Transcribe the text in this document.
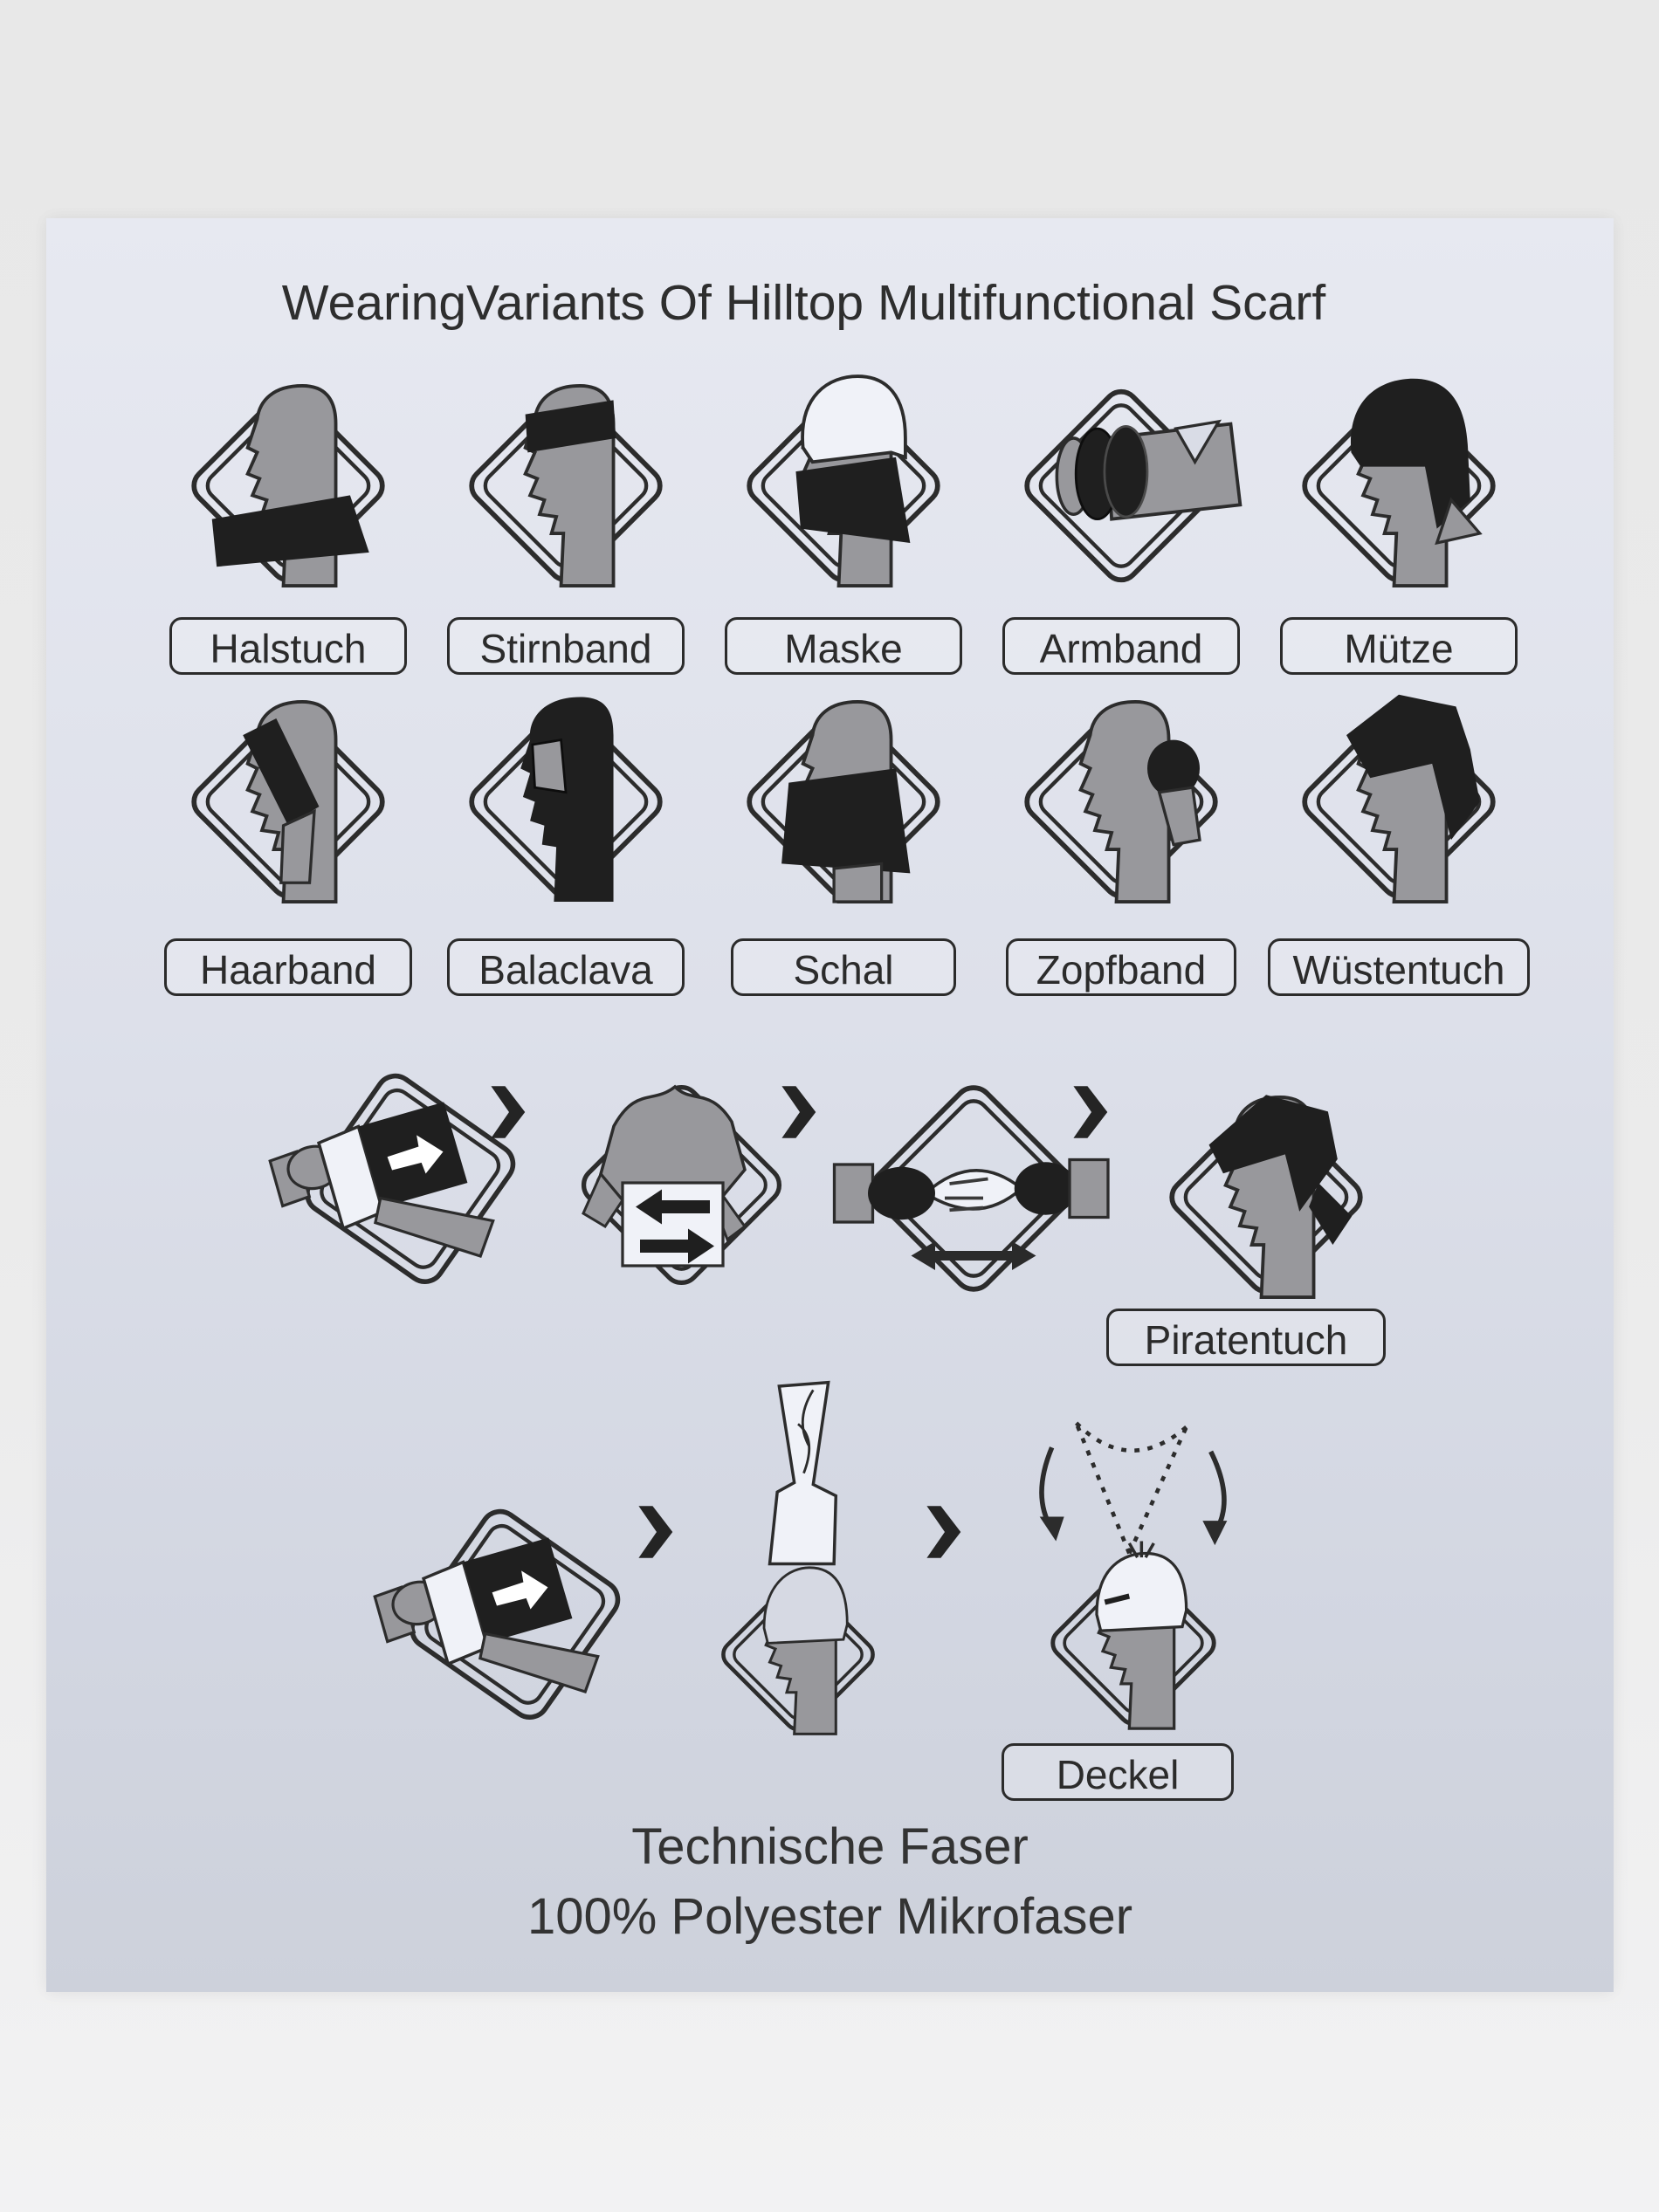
WearingVariants Of Hilltop Multifunctional Scarf
Halstuch	Stirnband	Maske	Armband	Mütze
Haarband	Balaclava	Schal	Zopfband	Wüstentuch
Piratentuch
Deckel
Technische Faser
100% Polyester Mikrofaser
